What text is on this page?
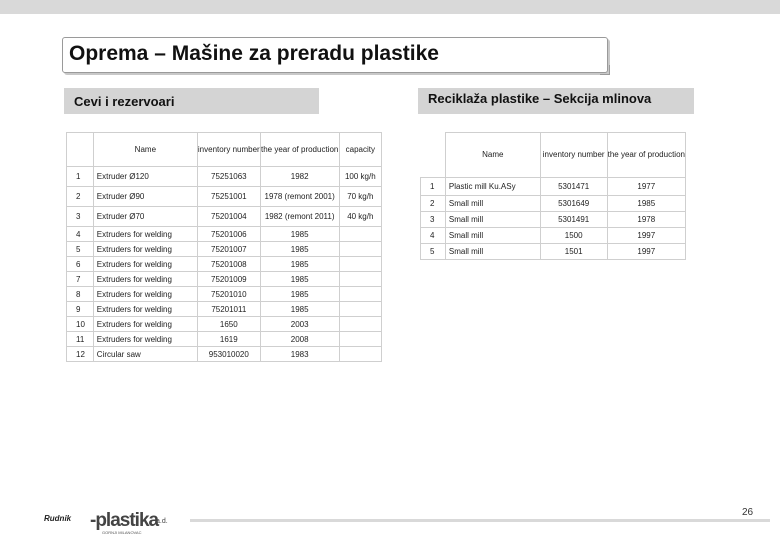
Oprema – Mašine za preradu plastike
Cevi i rezervoari	Reciklaža plastike – Sekcija mlinova
	Name	inventory number	the year of production	capacity
1	Extruder Ø120	75251063	1982	100 kg/h
2	Extruder Ø90	75251001	1978 (remont 2001)	70 kg/h
3	Extruder Ø70	75201004	1982 (remont 2011)	40 kg/h
4	Extruders for welding	75201006	1985	
5	Extruders for welding	75201007	1985	
6	Extruders for welding	75201008	1985	
7	Extruders for welding	75201009	1985	
8	Extruders for welding	75201010	1985	
9	Extruders for welding	75201011	1985	
10	Extruders for welding	1650	2003	
11	Extruders for welding	1619	2008	
12	Circular saw	953010020	1983	
	Name	inventory number	the year of production
1	Plastic mill Ku.ASy	5301471	1977
2	Small mill	5301649	1985
3	Small mill	5301491	1978
4	Small mill	1500	1997
5	Small mill	1501	1997
Rudnik -plastika
GORNJI MILANOVAC
a.d.
26
